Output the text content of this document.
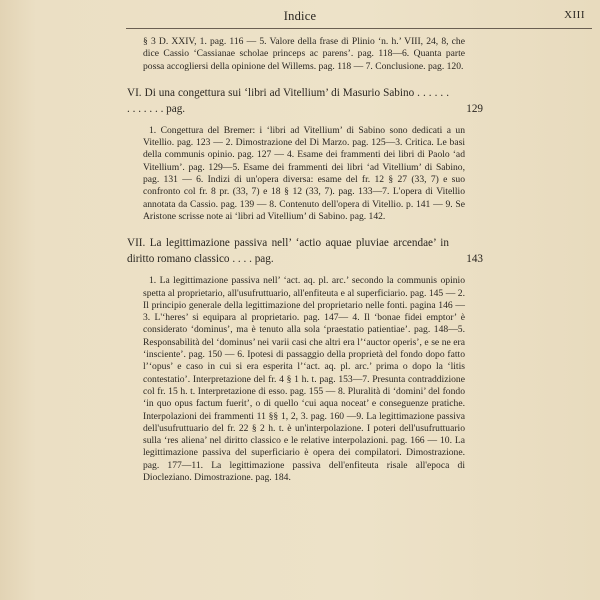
Indice	XIII

§ 3 D. XXIV, 1. pag. 116 — 5. Valore della frase di Plinio ‘n. h.’ VIII, 24, 8, che dice Cassio ‘Cassianae scholae princeps ac parens’. pag. 118—6. Quanta parte possa accogliersi della opinione del Willems. pag. 118 — 7. Conclusione. pag. 120.

VI. Di una congettura sui ‘libri ad Vitellium’ di Masurio Sabino . . . . . . . . . . . . . pag.	129

1. Congettura del Bremer: i ‘libri ad Vitellium’ di Sabino sono dedicati a un Vitellio. pag. 123 — 2. Dimostrazione del Di Marzo. pag. 125—3. Critica. Le basi della communis opinio. pag. 127 — 4. Esame dei frammenti dei libri di Paolo ‘ad Vitellium’. pag. 129—5. Esame dei frammenti dei libri ‘ad Vitellium’ di Sabino, pag. 131 — 6. Indizi di un'opera diversa: esame del fr. 12 § 27 (33, 7) e suo confronto col fr. 8 pr. (33, 7) e 18 § 12 (33, 7). pag. 133—7. L'opera di Vitellio annotata da Cassio. pag. 139 — 8. Contenuto dell'opera di Vitellio. p. 141 — 9. Se Aristone scrisse note ai ‘libri ad Vitellium’ di Sabino. pag. 142.

VII. La legittimazione passiva nell’ ‘actio aquae pluviae arcendae’ in diritto romano classico . . . . pag.	143

1. La legittimazione passiva nell’ ‘act. aq. pl. arc.’ secondo la communis opinio spetta al proprietario, all'usufruttuario, all'enfiteuta e al superficiario. pag. 145 — 2. Il principio generale della legittimazione del proprietario nelle fonti. pagina 146 — 3. L'‘heres’ si equipara al proprietario. pag. 147— 4. Il ‘bonae fidei emptor’ è considerato ‘dominus’, ma è tenuto alla sola ‘praestatio patientiae’. pag. 148—5. Responsabilità del ‘dominus’ nei varii casi che altri era l’‘auctor operis’, e se ne era ‘insciente’. pag. 150 — 6. Ipotesi di passaggio della proprietà del fondo dopo fatto l’‘opus’ e caso in cui si era esperita l’‘act. aq. pl. arc.’ prima o dopo la ‘litis contestatio’. Interpretazione del fr. 4 § 1 h. t. pag. 153—7. Presunta contraddizione col fr. 15 h. t. Interpretazione di esso. pag. 155 — 8. Pluralità di ‘domini’ del fondo ‘in quo opus factum fuerit’, o di quello ‘cui aqua noceat’ e conseguenze pratiche. Interpolazioni dei frammenti 11 §§ 1, 2, 3. pag. 160 —9. La legittimazione passiva dell'usufruttuario del fr. 22 § 2 h. t. è un'interpolazione. I poteri dell'usufruttuario sulla ‘res aliena’ nel diritto classico e le relative interpolazioni. pag. 166 — 10. La legittimazione passiva del superficiario è opera dei compilatori. Dimostrazione. pag. 177—11. La legittimazione passiva dell'enfiteuta risale all'epoca di Diocleziano. Dimostrazione. pag. 184.
